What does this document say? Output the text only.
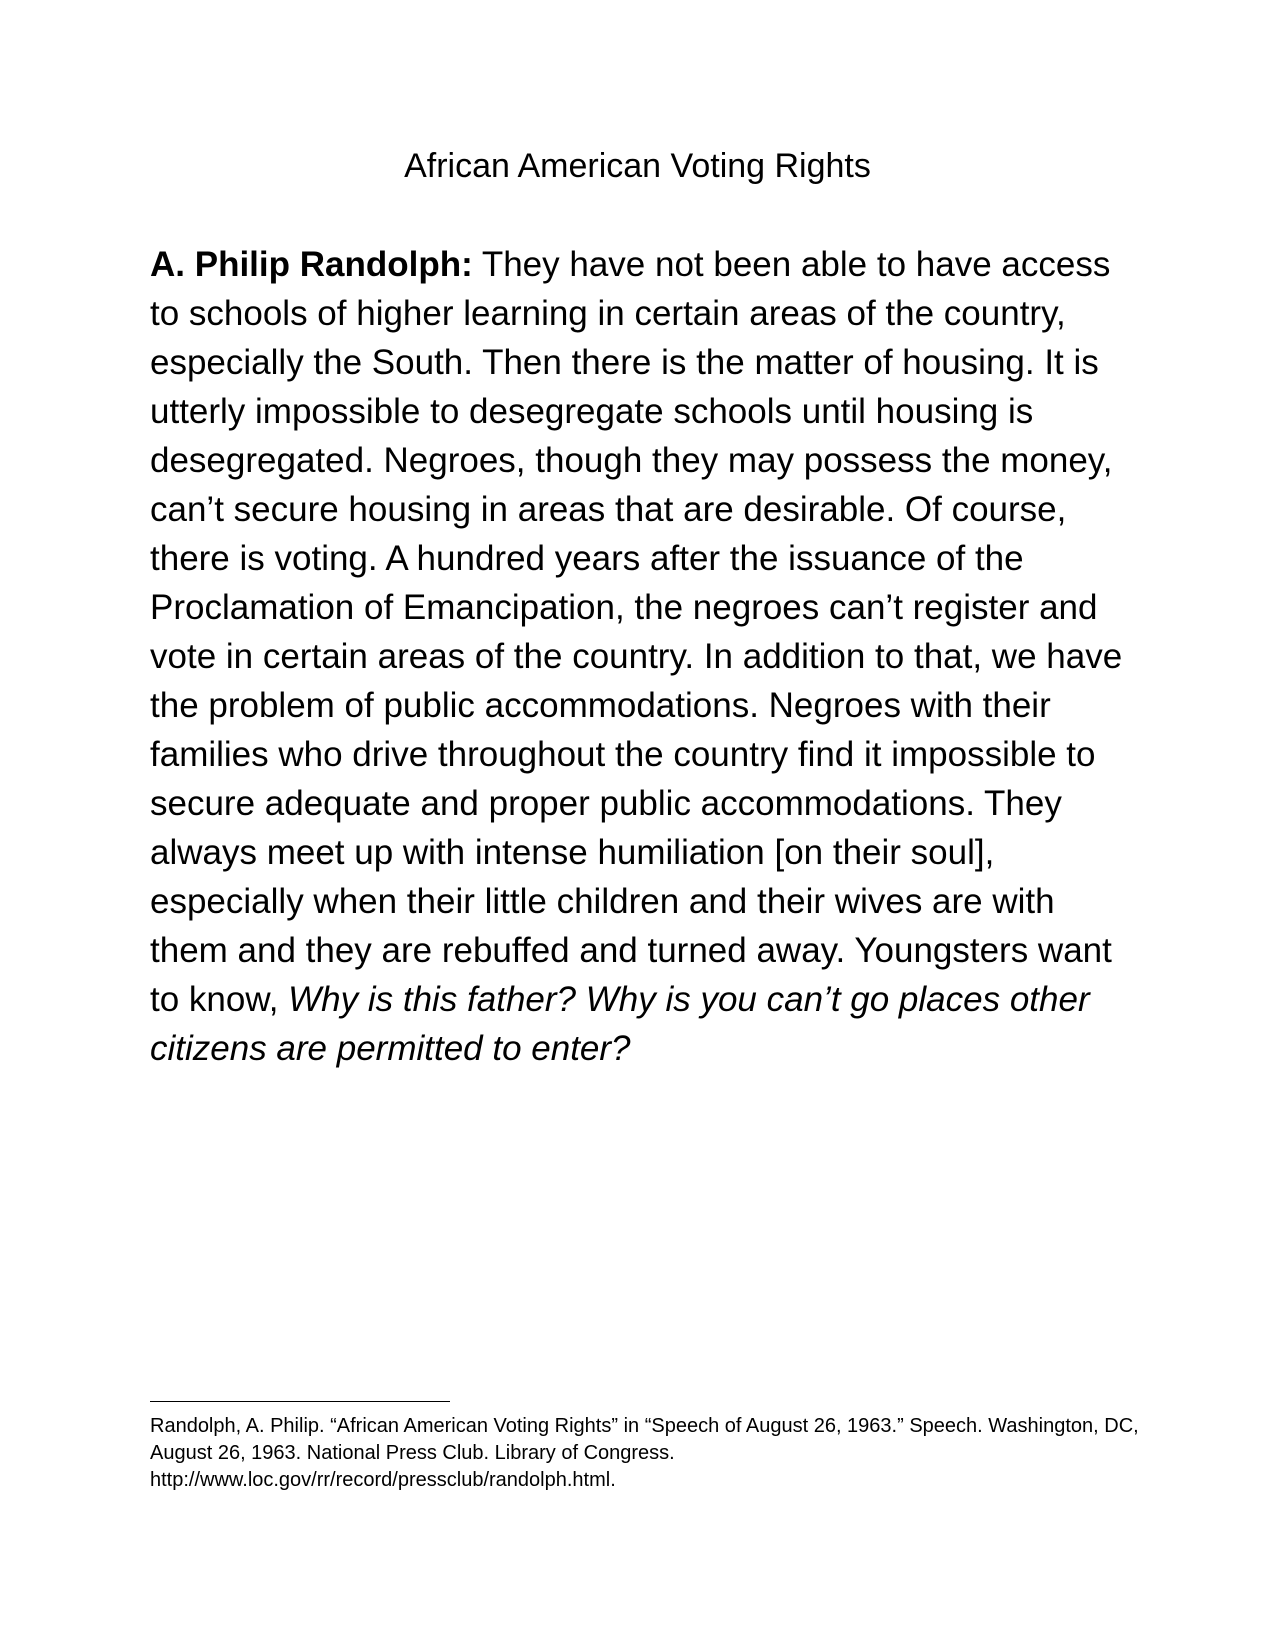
African American Voting Rights

A. Philip Randolph: They have not been able to have access to schools of higher learning in certain areas of the country, especially the South. Then there is the matter of housing. It is utterly impossible to desegregate schools until housing is desegregated. Negroes, though they may possess the money, can’t secure housing in areas that are desirable. Of course, there is voting. A hundred years after the issuance of the Proclamation of Emancipation, the negroes can’t register and vote in certain areas of the country. In addition to that, we have the problem of public accommodations. Negroes with their families who drive throughout the country find it impossible to secure adequate and proper public accommodations. They always meet up with intense humiliation [on their soul], especially when their little children and their wives are with them and they are rebuffed and turned away. Youngsters want to know, Why is this father? Why is you can’t go places other citizens are permitted to enter?

Randolph, A. Philip. “African American Voting Rights” in “Speech of August 26, 1963.” Speech. Washington, DC, August 26, 1963. National Press Club. Library of Congress.
http://www.loc.gov/rr/record/pressclub/randolph.html.
